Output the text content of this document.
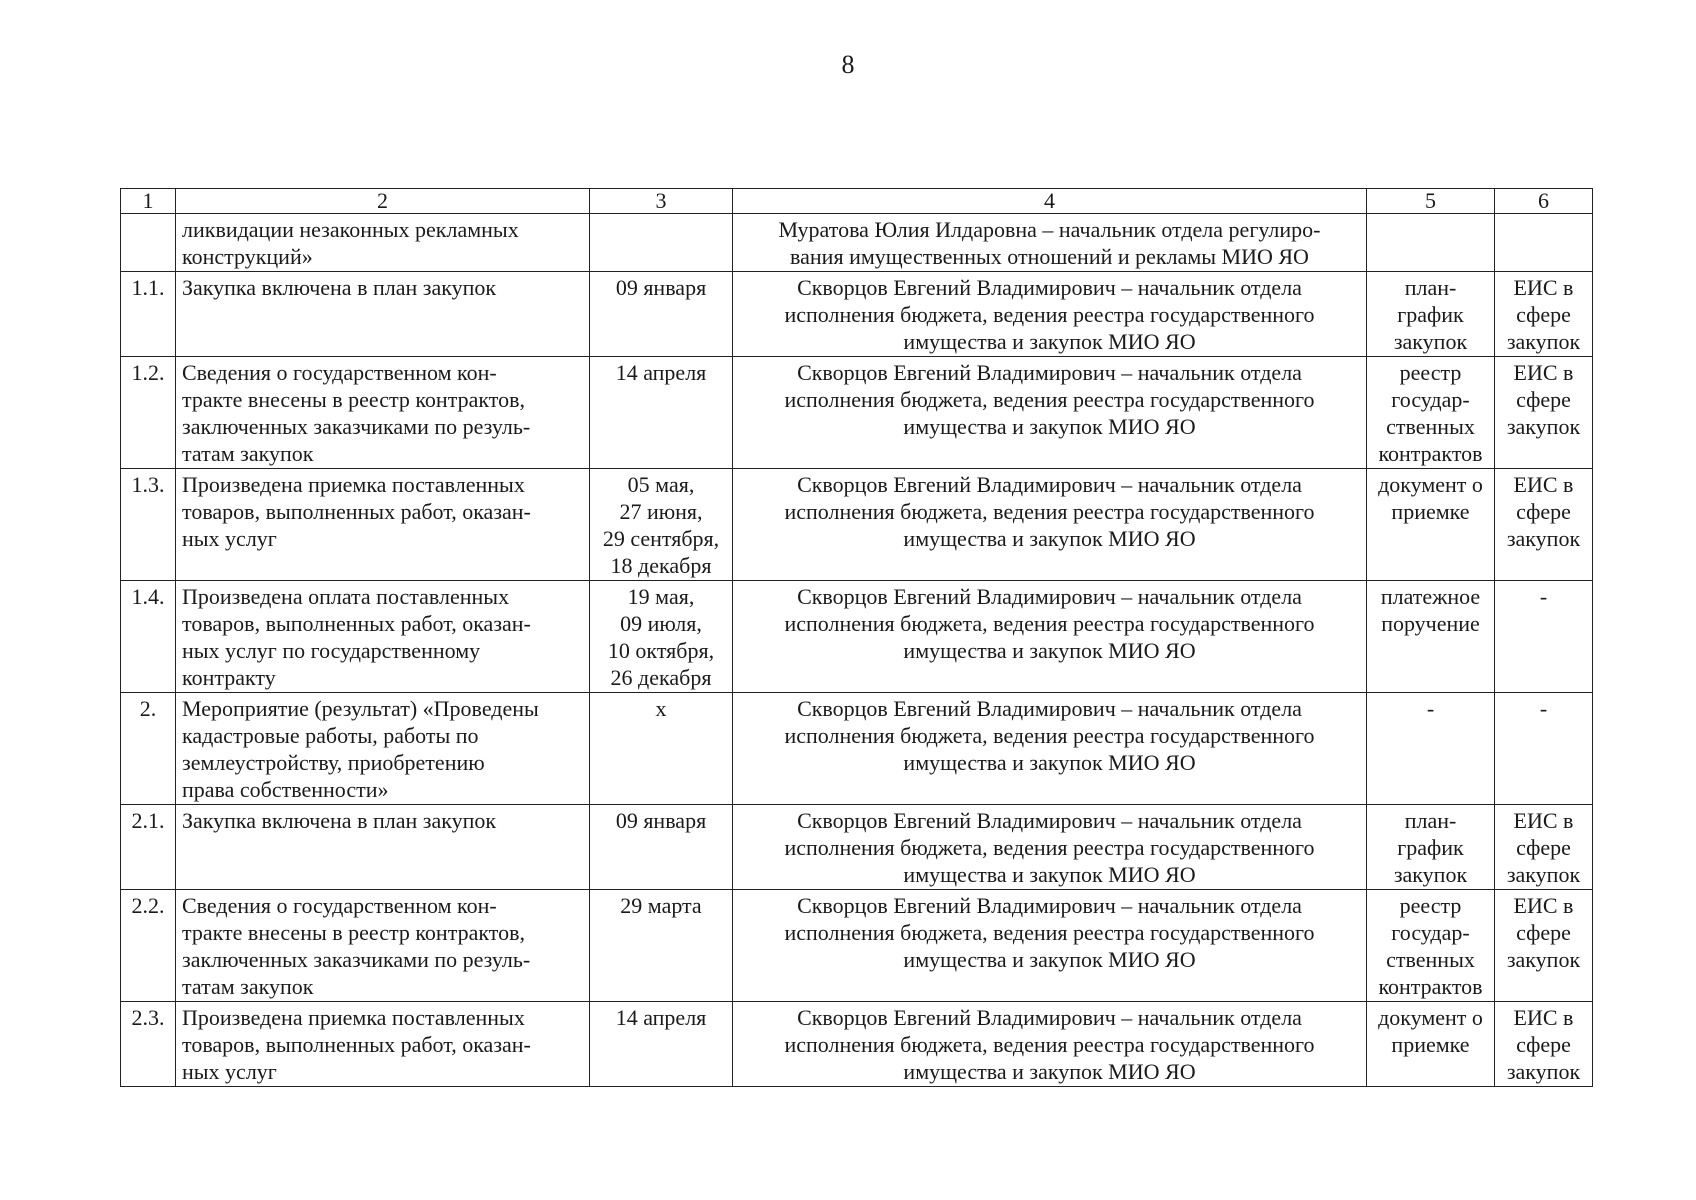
8
1	2	3	4	5	6
	ликвидации незаконных рекламных
конструкций»		Муратова Юлия Илдаровна – начальник отдела регулиро-
вания имущественных отношений и рекламы МИО ЯО		
1.1.	Закупка включена в план закупок	09 января	Скворцов Евгений Владимирович – начальник отдела
исполнения бюджета, ведения реестра государственного
имущества и закупок МИО ЯО	план-
график
закупок	ЕИС в
сфере
закупок
1.2.	Сведения о государственном кон-
тракте внесены в реестр контрактов,
заключенных заказчиками по резуль-
татам закупок	14 апреля	Скворцов Евгений Владимирович – начальник отдела
исполнения бюджета, ведения реестра государственного
имущества и закупок МИО ЯО	реестр
государ-
ственных
контрактов	ЕИС в
сфере
закупок
1.3.	Произведена приемка поставленных
товаров, выполненных работ, оказан-
ных услуг	05 мая,
27 июня,
29 сентября,
18 декабря	Скворцов Евгений Владимирович – начальник отдела
исполнения бюджета, ведения реестра государственного
имущества и закупок МИО ЯО	документ о
приемке	ЕИС в
сфере
закупок
1.4.	Произведена оплата поставленных
товаров, выполненных работ, оказан-
ных услуг по государственному
контракту	19 мая,
09 июля,
10 октября,
26 декабря	Скворцов Евгений Владимирович – начальник отдела
исполнения бюджета, ведения реестра государственного
имущества и закупок МИО ЯО	платежное
поручение	-
2.	Мероприятие (результат) «Проведены
кадастровые работы, работы по
землеустройству, приобретению
права собственности»	х	Скворцов Евгений Владимирович – начальник отдела
исполнения бюджета, ведения реестра государственного
имущества и закупок МИО ЯО	-	-
2.1.	Закупка включена в план закупок	09 января	Скворцов Евгений Владимирович – начальник отдела
исполнения бюджета, ведения реестра государственного
имущества и закупок МИО ЯО	план-
график
закупок	ЕИС в
сфере
закупок
2.2.	Сведения о государственном кон-
тракте внесены в реестр контрактов,
заключенных заказчиками по резуль-
татам закупок	29 марта	Скворцов Евгений Владимирович – начальник отдела
исполнения бюджета, ведения реестра государственного
имущества и закупок МИО ЯО	реестр
государ-
ственных
контрактов	ЕИС в
сфере
закупок
2.3.	Произведена приемка поставленных
товаров, выполненных работ, оказан-
ных услуг	14 апреля	Скворцов Евгений Владимирович – начальник отдела
исполнения бюджета, ведения реестра государственного
имущества и закупок МИО ЯО	документ о
приемке	ЕИС в
сфере
закупок
